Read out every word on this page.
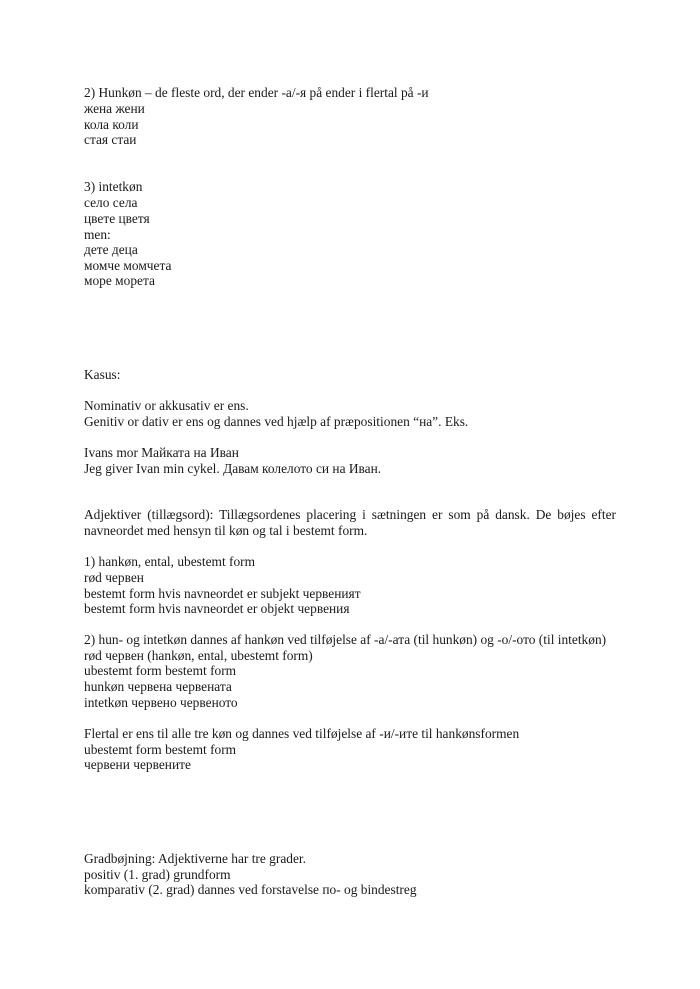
2) Hunkøn – de fleste ord, der ender -а/-я på ender i flertal på -и
жена жени
кола коли
стая стаи
3) intetkøn
село села
цвете цветя
men:
дете деца
момче момчета
море морета
Kasus:
Nominativ or akkusativ er ens.
Genitiv or dativ er ens og dannes ved hjælp af præpositionen “на”. Eks.
Ivans mor Майката на Иван
Jeg giver Ivan min cykel. Давам колелото си на Иван.
Adjektiver (tillægsord): Tillægsordenes placering i sætningen er som på dansk. De bøjes efter
navneordet med hensyn til køn og tal i bestemt form.
1) hankøn, ental, ubestemt form
rød червен
bestemt form hvis navneordet er subjekt червеният
bestemt form hvis navneordet er objekt червения
2) hun- og intetkøn dannes af hankøn ved tilføjelse af -а/-ата (til hunkøn) og -о/-ото (til intetkøn)
rød червен (hankøn, ental, ubestemt form)
ubestemt form bestemt form
hunkøn червена червената
intetkøn червено червеното
Flertal er ens til alle tre køn og dannes ved tilføjelse af -и/-ите til hankønsformen
ubestemt form bestemt form
червени червените
Gradbøjning: Adjektiverne har tre grader.
positiv (1. grad) grundform
komparativ (2. grad) dannes ved forstavelse по- og bindestreg
